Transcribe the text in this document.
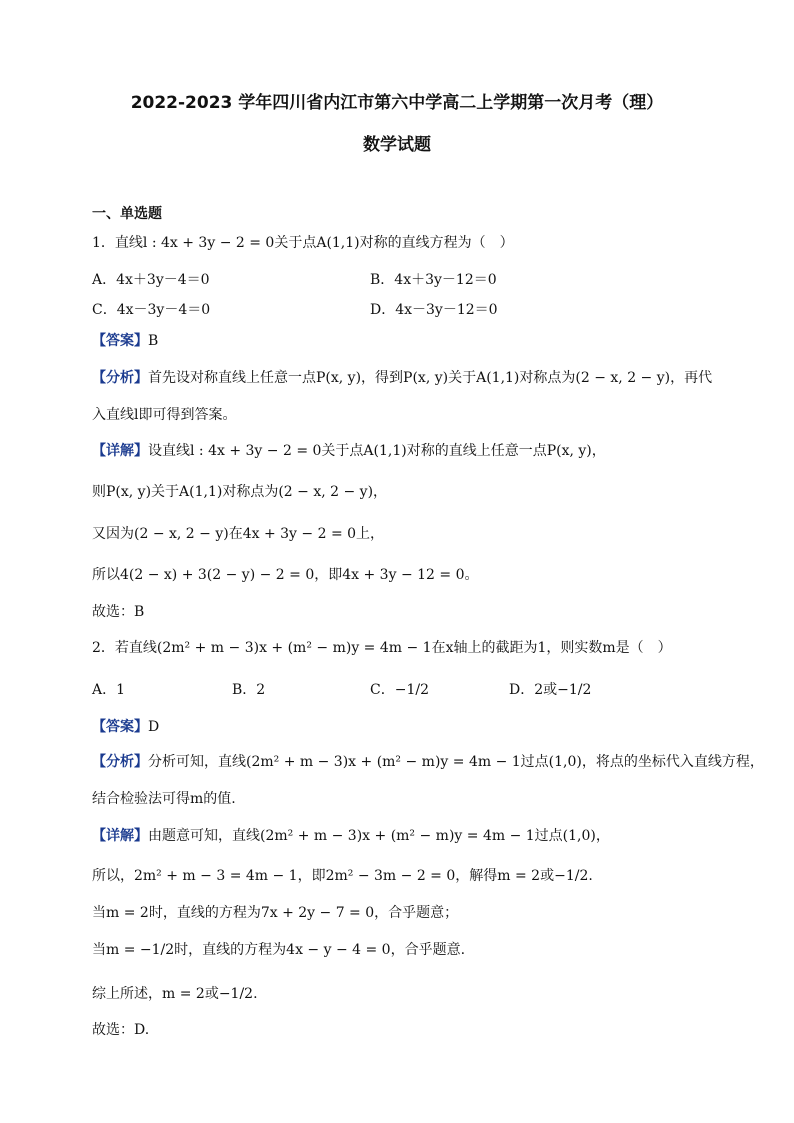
2022-2023 学年四川省内江市第六中学高二上学期第一次月考（理）
数学试题
一、单选题
1．直线l : 4x + 3y − 2 = 0关于点A(1,1)对称的直线方程为（　）
A．4x＋3y－4＝0	B．4x＋3y－12＝0
C．4x－3y－4＝0	D．4x－3y－12＝0
【答案】B
【分析】首先设对称直线上任意一点P(x, y)，得到P(x, y)关于A(1,1)对称点为(2 − x, 2 − y)，再代
入直线l即可得到答案。
【详解】设直线l : 4x + 3y − 2 = 0关于点A(1,1)对称的直线上任意一点P(x, y)，
则P(x, y)关于A(1,1)对称点为(2 − x, 2 − y)，
又因为(2 − x, 2 − y)在4x + 3y − 2 = 0上，
所以4(2 − x) + 3(2 − y) − 2 = 0，即4x + 3y − 12 = 0。
故选：B
2．若直线(2m² + m − 3)x + (m² − m)y = 4m − 1在x轴上的截距为1，则实数m是（　）
A．1	B．2	C．−1/2	D．2或−1/2
【答案】D
【分析】分析可知，直线(2m² + m − 3)x + (m² − m)y = 4m − 1过点(1,0)，将点的坐标代入直线方程，
结合检验法可得m的值.
【详解】由题意可知，直线(2m² + m − 3)x + (m² − m)y = 4m − 1过点(1,0)，
所以，2m² + m − 3 = 4m − 1，即2m² − 3m − 2 = 0，解得m = 2或−1/2.
当m = 2时，直线的方程为7x + 2y − 7 = 0，合乎题意；
当m = −1/2时，直线的方程为4x − y − 4 = 0，合乎题意.
综上所述，m = 2或−1/2.
故选：D.
